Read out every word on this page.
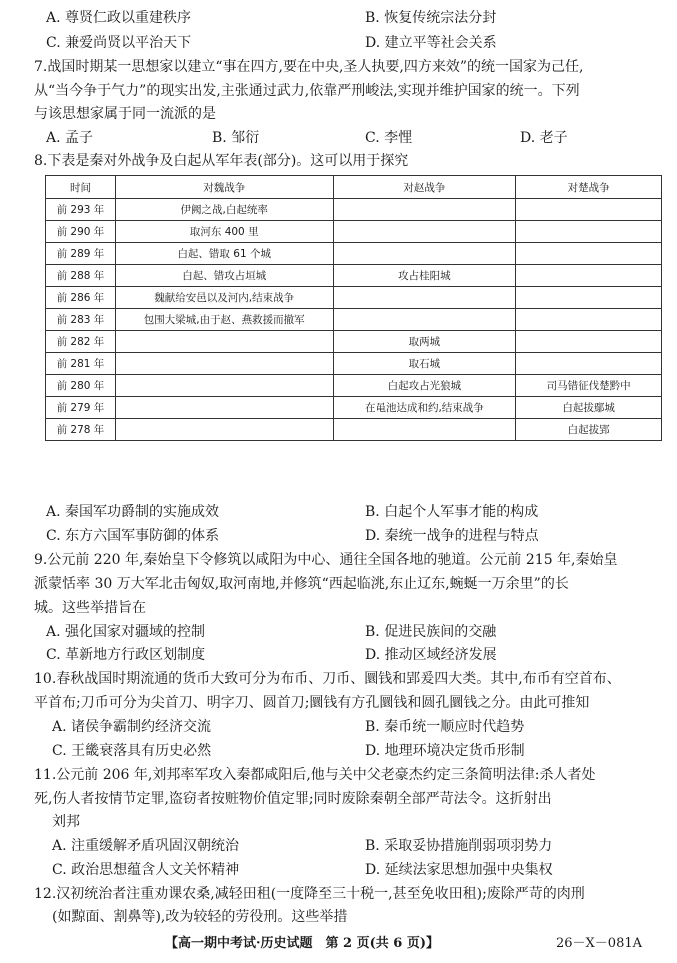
A. 尊贤仁政以重建秩序	B. 恢复传统宗法分封
C. 兼爱尚贤以平治天下	D. 建立平等社会关系
7.战国时期某一思想家以建立“事在四方,要在中央,圣人执要,四方来效”的统一国家为己任,
从“当今争于气力”的现实出发,主张通过武力,依靠严刑峻法,实现并维护国家的统一。下列
与该思想家属于同一流派的是
A. 孟子	B. 邹衍	C. 李悝	D. 老子
8.下表是秦对外战争及白起从军年表(部分)。这可以用于探究
时间	对魏战争	对赵战争	对楚战争
前 293 年	伊阙之战,白起统率		
前 290 年	取河东 400 里		
前 289 年	白起、错取 61 个城		
前 288 年	白起、错攻占垣城	攻占桂阳城	
前 286 年	魏献给安邑以及河内,结束战争		
前 283 年	包围大梁城,由于赵、燕救援而撤军		
前 282 年		取两城	
前 281 年		取石城	
前 280 年		白起攻占光狼城	司马错征伐楚黔中
前 279 年		在黾池达成和约,结束战争	白起拔鄢城
前 278 年			白起拔郢
A. 秦国军功爵制的实施成效	B. 白起个人军事才能的构成
C. 东方六国军事防御的体系	D. 秦统一战争的进程与特点
9.公元前 220 年,秦始皇下令修筑以咸阳为中心、通往全国各地的驰道。公元前 215 年,秦始皇
派蒙恬率 30 万大军北击匈奴,取河南地,并修筑“西起临洮,东止辽东,蜿蜒一万余里”的长
城。这些举措旨在
A. 强化国家对疆域的控制	B. 促进民族间的交融
C. 革新地方行政区划制度	D. 推动区域经济发展
10.春秋战国时期流通的货币大致可分为布币、刀币、圜钱和郢爰四大类。其中,布币有空首布、
平首布;刀币可分为尖首刀、明字刀、圆首刀;圜钱有方孔圜钱和圆孔圜钱之分。由此可推知
A. 诸侯争霸制约经济交流	B. 秦币统一顺应时代趋势
C. 王畿衰落具有历史必然	D. 地理环境决定货币形制
11.公元前 206 年,刘邦率军攻入秦都咸阳后,他与关中父老豪杰约定三条简明法律:杀人者处
死,伤人者按情节定罪,盗窃者按赃物价值定罪;同时废除秦朝全部严苛法令。这折射出
刘邦
A. 注重缓解矛盾巩固汉朝统治	B. 采取妥协措施削弱项羽势力
C. 政治思想蕴含人文关怀精神	D. 延续法家思想加强中央集权
12.汉初统治者注重劝课农桑,减轻田租(一度降至三十税一,甚至免收田租);废除严苛的肉刑
(如黥面、割鼻等),改为较轻的劳役刑。这些举措
【高一期中考试·历史试题　第 2 页(共 6 页)】	26－X－081A
